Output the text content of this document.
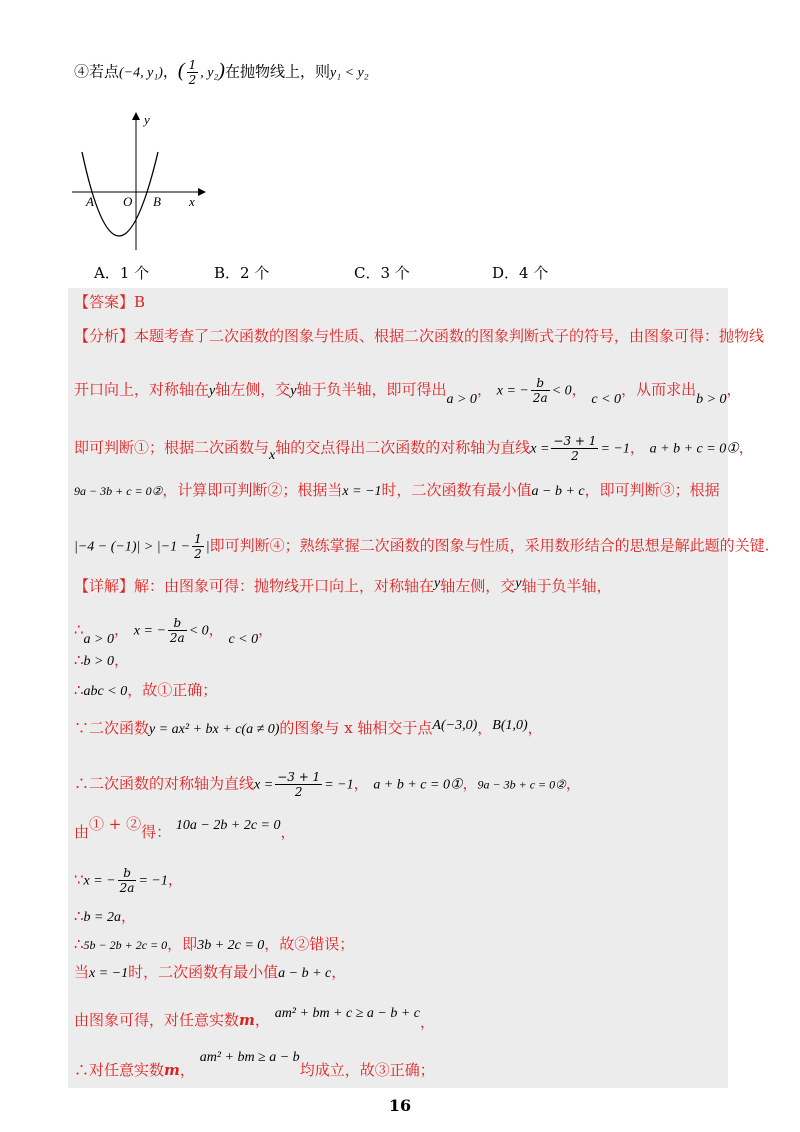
④若点(−4, y₁)，( $\frac{1}{2}$ , y₂)在抛物线上，则y₁ < y₂
y
x
A O B
A．1 个	B．2 个	C．3 个	D．4 个
【答案】B
【分析】本题考查了二次函数的图象与性质、根据二次函数的图象判断式子的符号，由图象可得：抛物线
开口向上，对称轴在y轴左侧，交y轴于负半轴，即可得出a > 0， x = − $\frac{b}{2a} < 0$， c < 0，从而求出b > 0，
即可判断①；根据二次函数与x轴的交点得出二次函数的对称轴为直线$x = \frac{-3 + 1}{2} = -1$， a + b + c = 0①，
9a − 3b + c = 0②，计算即可判断②；根据当x = −1时，二次函数有最小值a − b + c，即可判断③；根据
$|-4 - (-1)| > |-1 - \frac{1}{2}$ |即可判断④；熟练掌握二次函数的图象与性质，采用数形结合的思想是解此题的关键.
【详解】解：由图象可得：抛物线开口向上，对称轴在y轴左侧，交y轴于负半轴，
∴a > 0， x = − $\frac{b}{2a} < 0$， c < 0，
∴b > 0，
∴abc < 0，故①正确；
∵二次函数y = ax² + bx + c(a ≠ 0)的图象与 x 轴相交于点A(−3,0)，B(1,0)，
∴二次函数的对称轴为直线$x = \frac{-3 + 1}{2} = -1$， a + b + c = 0①，9a − 3b + c = 0②，
由① + ②得： 10a − 2b + 2c = 0，
∵x = − $\frac{b}{2a} = -1$，
∴b = 2a，
∴5b − 2b + 2c = 0，即3b + 2c = 0，故②错误；
当x = −1时，二次函数有最小值a − b + c，
由图象可得，对任意实数m， am² + bm + c ≥ a − b + c，
∴对任意实数m， am² + bm ≥ a − b均成立，故③正确；
16
